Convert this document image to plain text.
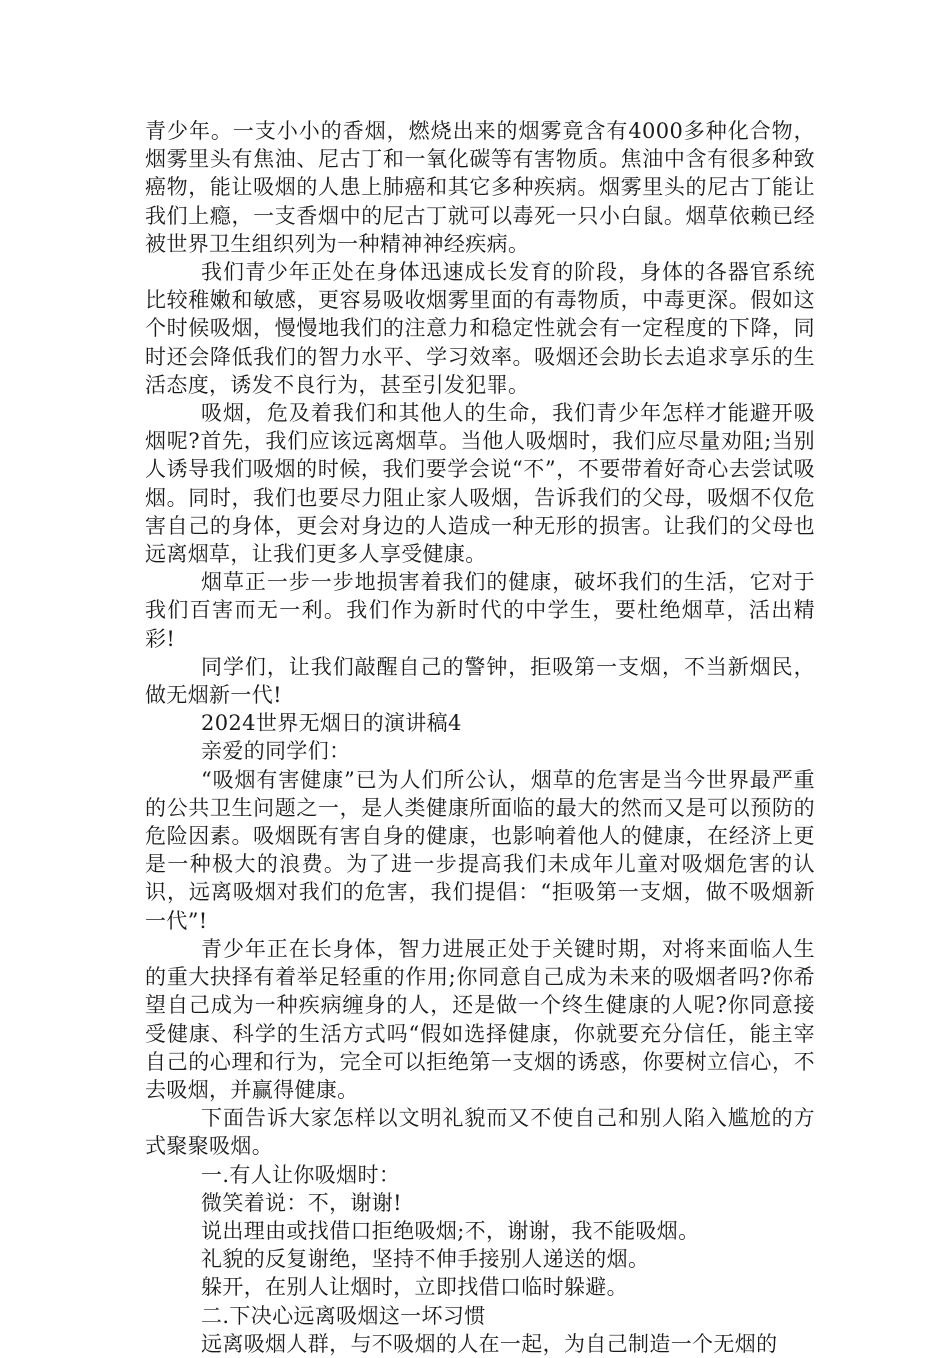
青少年。一支小小的香烟，燃烧出来的烟雾竟含有4000多种化合物，烟雾里头有焦油、尼古丁和一氧化碳等有害物质。焦油中含有很多种致癌物，能让吸烟的人患上肺癌和其它多种疾病。烟雾里头的尼古丁能让我们上瘾，一支香烟中的尼古丁就可以毒死一只小白鼠。烟草依赖已经被世界卫生组织列为一种精神神经疾病。

我们青少年正处在身体迅速成长发育的阶段，身体的各器官系统比较稚嫩和敏感，更容易吸收烟雾里面的有毒物质，中毒更深。假如这个时候吸烟，慢慢地我们的注意力和稳定性就会有一定程度的下降，同时还会降低我们的智力水平、学习效率。吸烟还会助长去追求享乐的生活态度，诱发不良行为，甚至引发犯罪。

吸烟，危及着我们和其他人的生命，我们青少年怎样才能避开吸烟呢?首先，我们应该远离烟草。当他人吸烟时，我们应尽量劝阻;当别人诱导我们吸烟的时候，我们要学会说“不”，不要带着好奇心去尝试吸烟。同时，我们也要尽力阻止家人吸烟，告诉我们的父母，吸烟不仅危害自己的身体，更会对身边的人造成一种无形的损害。让我们的父母也远离烟草，让我们更多人享受健康。

烟草正一步一步地损害着我们的健康，破坏我们的生活，它对于我们百害而无一利。我们作为新时代的中学生，要杜绝烟草，活出精彩!

同学们，让我们敲醒自己的警钟，拒吸第一支烟，不当新烟民，做无烟新一代!

2024世界无烟日的演讲稿4

亲爱的同学们：

“吸烟有害健康”已为人们所公认，烟草的危害是当今世界最严重的公共卫生问题之一，是人类健康所面临的最大的然而又是可以预防的危险因素。吸烟既有害自身的健康，也影响着他人的健康，在经济上更是一种极大的浪费。为了进一步提高我们未成年儿童对吸烟危害的认识，远离吸烟对我们的危害，我们提倡：“拒吸第一支烟，做不吸烟新一代”!

青少年正在长身体，智力进展正处于关键时期，对将来面临人生的重大抉择有着举足轻重的作用;你同意自己成为未来的吸烟者吗?你希望自己成为一种疾病缠身的人，还是做一个终生健康的人呢?你同意接受健康、科学的生活方式吗“假如选择健康，你就要充分信任，能主宰自己的心理和行为，完全可以拒绝第一支烟的诱惑，你要树立信心，不去吸烟，并赢得健康。

下面告诉大家怎样以文明礼貌而又不使自己和别人陷入尴尬的方式聚聚吸烟。

一.有人让你吸烟时：

微笑着说：不，谢谢!

说出理由或找借口拒绝吸烟;不，谢谢，我不能吸烟。

礼貌的反复谢绝，坚持不伸手接别人递送的烟。

躲开，在别人让烟时，立即找借口临时躲避。

二.下决心远离吸烟这一坏习惯

远离吸烟人群，与不吸烟的人在一起，为自己制造一个无烟的
